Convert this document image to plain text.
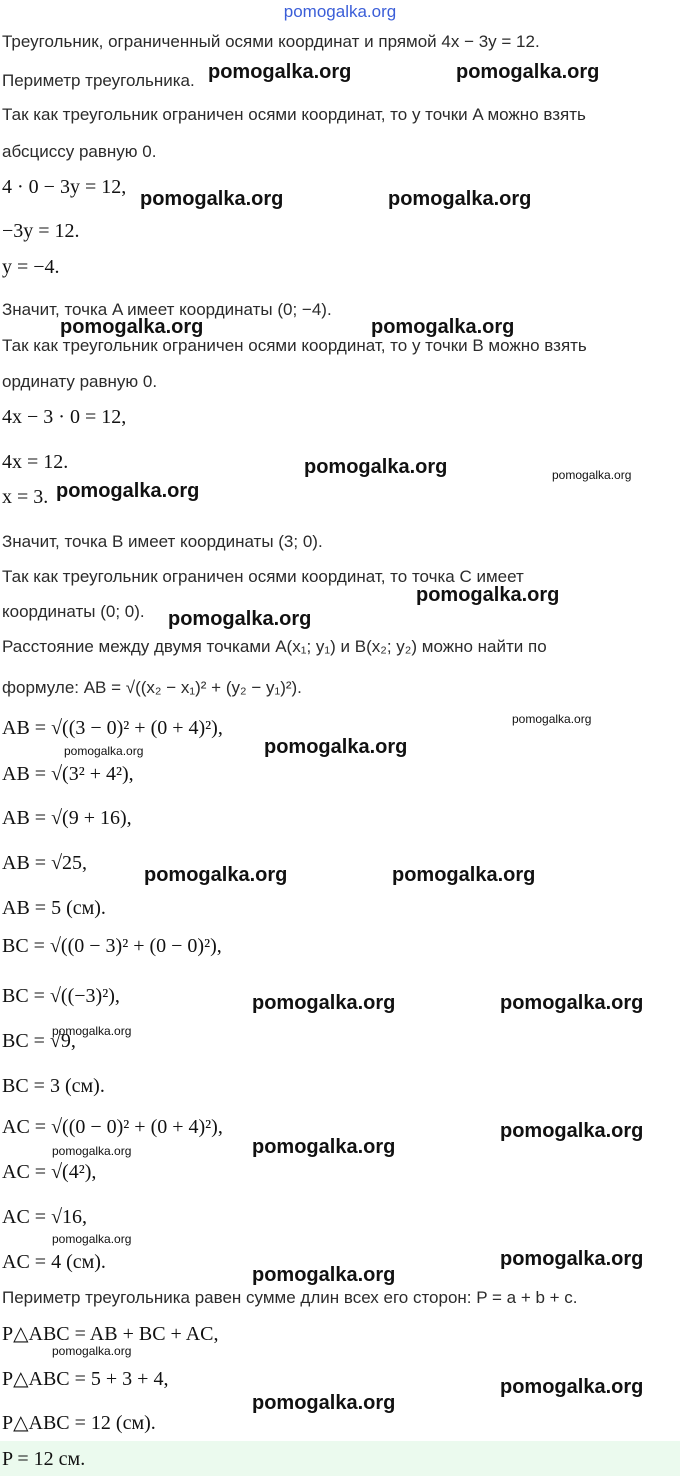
pomogalka.org
Треугольник, ограниченный осями координат и прямой 4x − 3y = 12.
Периметр треугольника.
Так как треугольник ограничен осями координат, то у точки A можно взять
абсциссу равную 0.
4 · 0 − 3y = 12,
−3y = 12.
y = −4.
Значит, точка A имеет координаты (0; −4).
Так как треугольник ограничен осями координат, то у точки B можно взять
ординату равную 0.
4x − 3 · 0 = 12,
4x = 12.
x = 3.
Значит, точка B имеет координаты (3; 0).
Так как треугольник ограничен осями координат, то точка C имеет
координаты (0; 0).
Расстояние между двумя точками A(x₁; y₁) и B(x₂; y₂) можно найти по
формуле: AB = √((x₂ − x₁)² + (y₂ − y₁)²).
AB = √((3 − 0)² + (0 + 4)²),
AB = √(3² + 4²),
AB = √(9 + 16),
AB = √25,
AB = 5 (см).
BC = √((0 − 3)² + (0 − 0)²),
BC = √((−3)²),
BC = √9,
BC = 3 (см).
AC = √((0 − 0)² + (0 + 4)²),
AC = √(4²),
AC = √16,
AC = 4 (см).
Периметр треугольника равен сумме длин всех его сторон: P = a + b + c.
P△ABC = AB + BC + AC,
P△ABC = 5 + 3 + 4,
P△ABC = 12 (см).
P = 12 см.
pomogalka.org	pomogalka.org
pomogalka.org	pomogalka.org
pomogalka.org	pomogalka.org
pomogalka.org	pomogalka.org
pomogalka.org
pomogalka.org
pomogalka.org
pomogalka.org
pomogalka.org
pomogalka.org
pomogalka.org	pomogalka.org
pomogalka.org	pomogalka.org
pomogalka.org
pomogalka.org
pomogalka.org
pomogalka.org
pomogalka.org
pomogalka.org
pomogalka.org
pomogalka.org
pomogalka.org
pomogalka.org
